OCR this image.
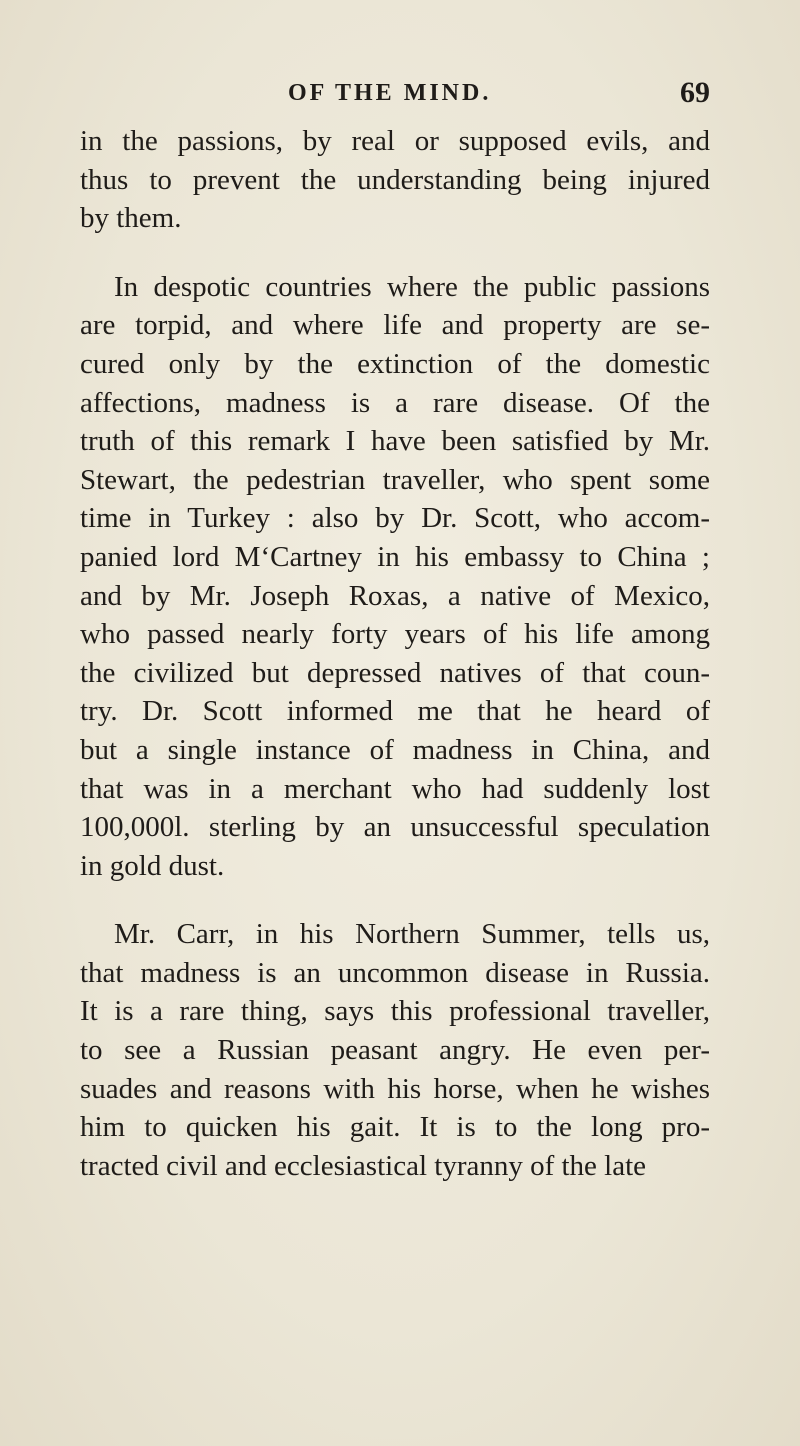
OF THE MIND.	69
in the passions, by real or supposed evils, and
thus to prevent the understanding being injured
by them.
In despotic countries where the public passions
are torpid, and where life and property are se-
cured only by the extinction of the domestic
affections, madness is a rare disease. Of the
truth of this remark I have been satisfied by Mr.
Stewart, the pedestrian traveller, who spent some
time in Turkey : also by Dr. Scott, who accom-
panied lord M‘Cartney in his embassy to China ;
and by Mr. Joseph Roxas, a native of Mexico,
who passed nearly forty years of his life among
the civilized but depressed natives of that coun-
try. Dr. Scott informed me that he heard of
but a single instance of madness in China, and
that was in a merchant who had suddenly lost
100,000l. sterling by an unsuccessful speculation
in gold dust.
Mr. Carr, in his Northern Summer, tells us,
that madness is an uncommon disease in Russia.
It is a rare thing, says this professional traveller,
to see a Russian peasant angry. He even per-
suades and reasons with his horse, when he wishes
him to quicken his gait. It is to the long pro-
tracted civil and ecclesiastical tyranny of the late
